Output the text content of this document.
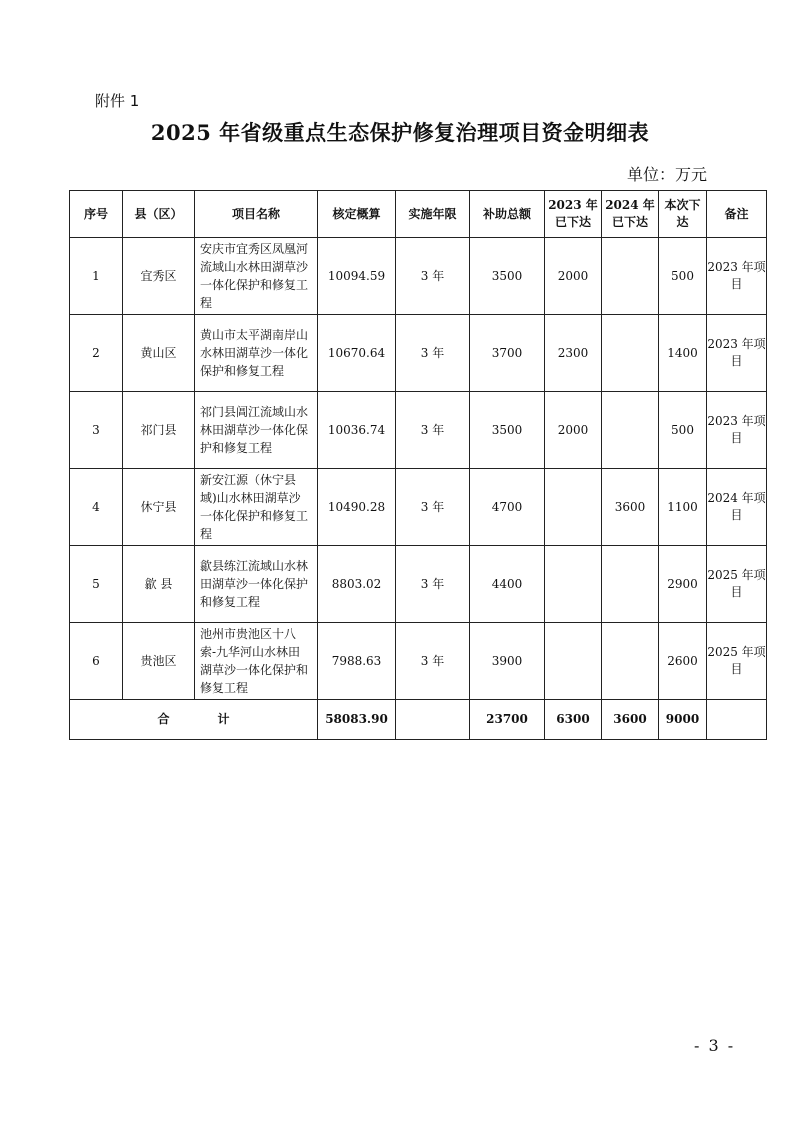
附件 1
2025 年省级重点生态保护修复治理项目资金明细表
单位：万元
序号	县（区）	项目名称	核定概算	实施年限	补助总额	2023 年已下达	2024 年已下达	本次下达	备注
1	宜秀区	安庆市宜秀区凤凰河流域山水林田湖草沙一体化保护和修复工程	10094.59	3 年	3500	2000		500	2023 年项目
2	黄山区	黄山市太平湖南岸山水林田湖草沙一体化保护和修复工程	10670.64	3 年	3700	2300		1400	2023 年项目
3	祁门县	祁门县阊江流域山水林田湖草沙一体化保护和修复工程	10036.74	3 年	3500	2000		500	2023 年项目
4	休宁县	新安江源（休宁县域)山水林田湖草沙一体化保护和修复工程	10490.28	3 年	4700		3600	1100	2024 年项目
5	歙 县	歙县练江流域山水林田湖草沙一体化保护和修复工程	8803.02	3 年	4400			2900	2025 年项目
6	贵池区	池州市贵池区十八索-九华河山水林田湖草沙一体化保护和修复工程	7988.63	3 年	3900			2600	2025 年项目
合计			58083.90		23700	6300	3600	9000	
- 3 -
